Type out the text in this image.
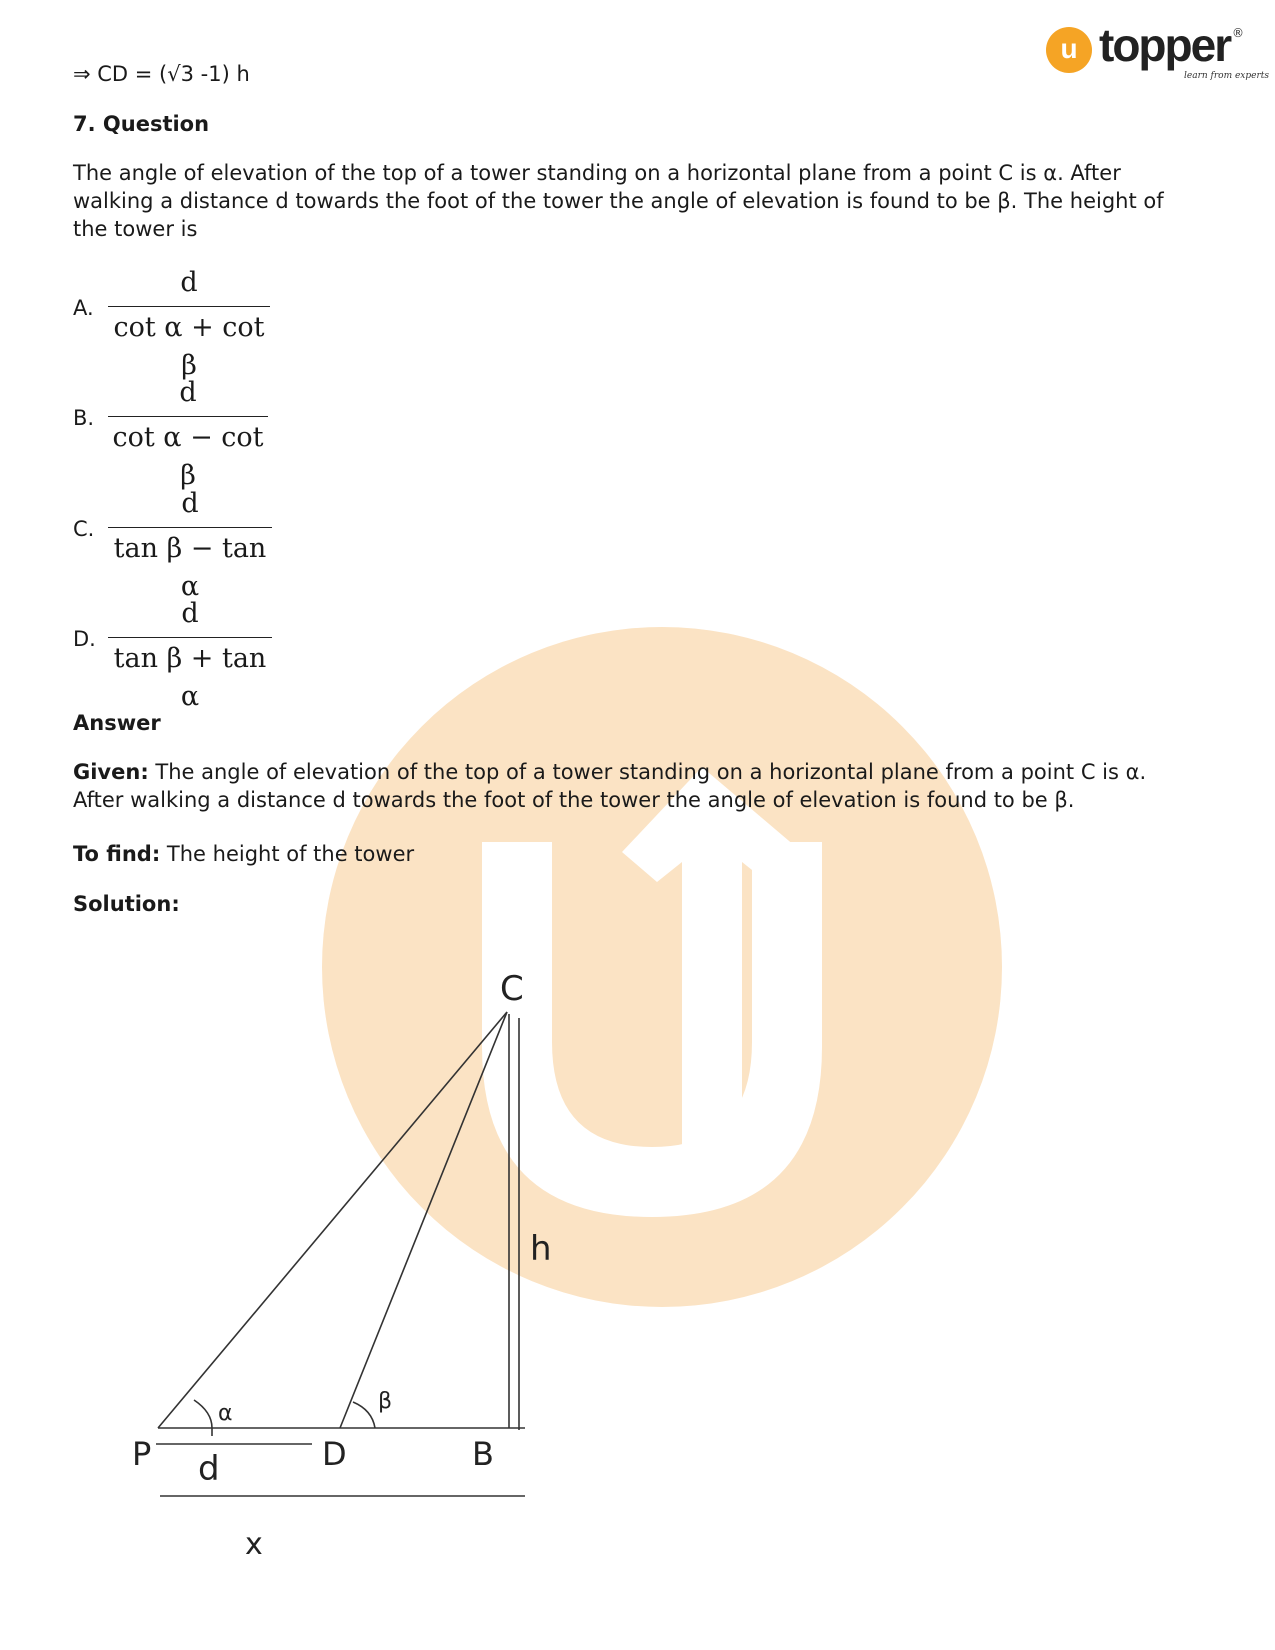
u topper
learn from experts
®
⇒ CD = (√3 -1) h
7. Question
The angle of elevation of the top of a tower standing on a horizontal plane from a point C is α. After walking a distance d towards the foot of the tower the angle of elevation is found to be β. The height of the tower is
A.
d
cot α + cot β
B.
d
cot α − cot β
C.
d
tan β − tan α
D.
d
tan β + tan α
Answer
Given: The angle of elevation of the top of a tower standing on a horizontal plane from a point C is α. After walking a distance d towards the foot of the tower the angle of elevation is found to be β.
To find: The height of the tower
Solution:
C
h
α	β
P	D	B
d
x
